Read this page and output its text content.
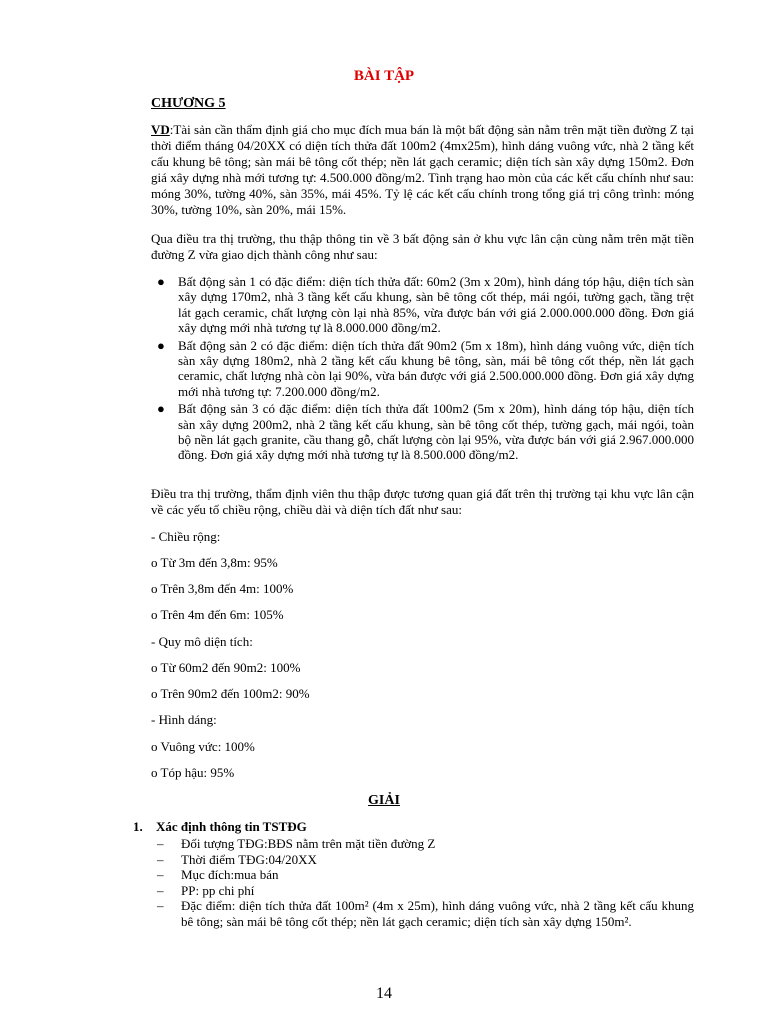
BÀI TẬP
CHƯƠNG 5
VD:Tài sản cần thẩm định giá cho mục đích mua bán là một bất động sản nằm trên mặt tiền đường Z tại thời điểm tháng 04/20XX có diện tích thửa đất 100m2 (4mx25m), hình dáng vuông vức, nhà 2 tầng kết cấu khung bê tông; sàn mái bê tông cốt thép; nền lát gạch ceramic; diện tích sàn xây dựng 150m2. Đơn giá xây dựng nhà mới tương tự: 4.500.000 đồng/m2. Tình trạng hao mòn của các kết cấu chính như sau: móng 30%, tường 40%, sàn 35%, mái 45%. Tỷ lệ các kết cấu chính trong tổng giá trị công trình: móng 30%, tường 10%, sàn 20%, mái 15%.
Qua điều tra thị trường, thu thập thông tin về 3 bất động sản ở khu vực lân cận cùng nằm trên mặt tiền đường Z vừa giao dịch thành công như sau:
● Bất động sản 1 có đặc điểm: diện tích thửa đất: 60m2 (3m x 20m), hình dáng tóp hậu, diện tích sàn xây dựng 170m2, nhà 3 tầng kết cấu khung, sàn bê tông cốt thép, mái ngói, tường gạch, tầng trệt lát gạch ceramic, chất lượng còn lại nhà 85%, vừa được bán với giá 2.000.000.000 đồng. Đơn giá xây dựng mới nhà tương tự là 8.000.000 đồng/m2.
● Bất động sản 2 có đặc điểm: diện tích thửa đất 90m2 (5m x 18m), hình dáng vuông vức, diện tích sàn xây dựng 180m2, nhà 2 tầng kết cấu khung bê tông, sàn, mái bê tông cốt thép, nền lát gạch ceramic, chất lượng nhà còn lại 90%, vừa bán được với giá 2.500.000.000 đồng. Đơn giá xây dựng mới nhà tương tự: 7.200.000 đồng/m2.
● Bất động sản 3 có đặc điểm: diện tích thửa đất 100m2 (5m x 20m), hình dáng tóp hậu, diện tích sàn xây dựng 200m2, nhà 2 tầng kết cấu khung, sàn bê tông cốt thép, tường gạch, mái ngói, toàn bộ nền lát gạch granite, cầu thang gỗ, chất lượng còn lại 95%, vừa được bán với giá 2.967.000.000 đồng. Đơn giá xây dựng mới nhà tương tự là 8.500.000 đồng/m2.
Điều tra thị trường, thẩm định viên thu thập được tương quan giá đất trên thị trường tại khu vực lân cận về các yếu tố chiều rộng, chiều dài và diện tích đất như sau:
- Chiều rộng:
o Từ 3m đến 3,8m: 95%
o Trên 3,8m đến 4m: 100%
o Trên 4m đến 6m: 105%
- Quy mô diện tích:
o Từ 60m2 đến 90m2: 100%
o Trên 90m2 đến 100m2: 90%
- Hình dáng:
o Vuông vức: 100%
o Tóp hậu: 95%
GIẢI
1. Xác định thông tin TSTĐG
– Đối tượng TĐG:BĐS nằm trên mặt tiền đường Z
– Thời điểm TĐG:04/20XX
– Mục đích:mua bán
– PP: pp chi phí
– Đặc điểm: diện tích thửa đất 100m² (4m x 25m), hình dáng vuông vức, nhà 2 tầng kết cấu khung bê tông; sàn mái bê tông cốt thép; nền lát gạch ceramic; diện tích sàn xây dựng 150m².
14
